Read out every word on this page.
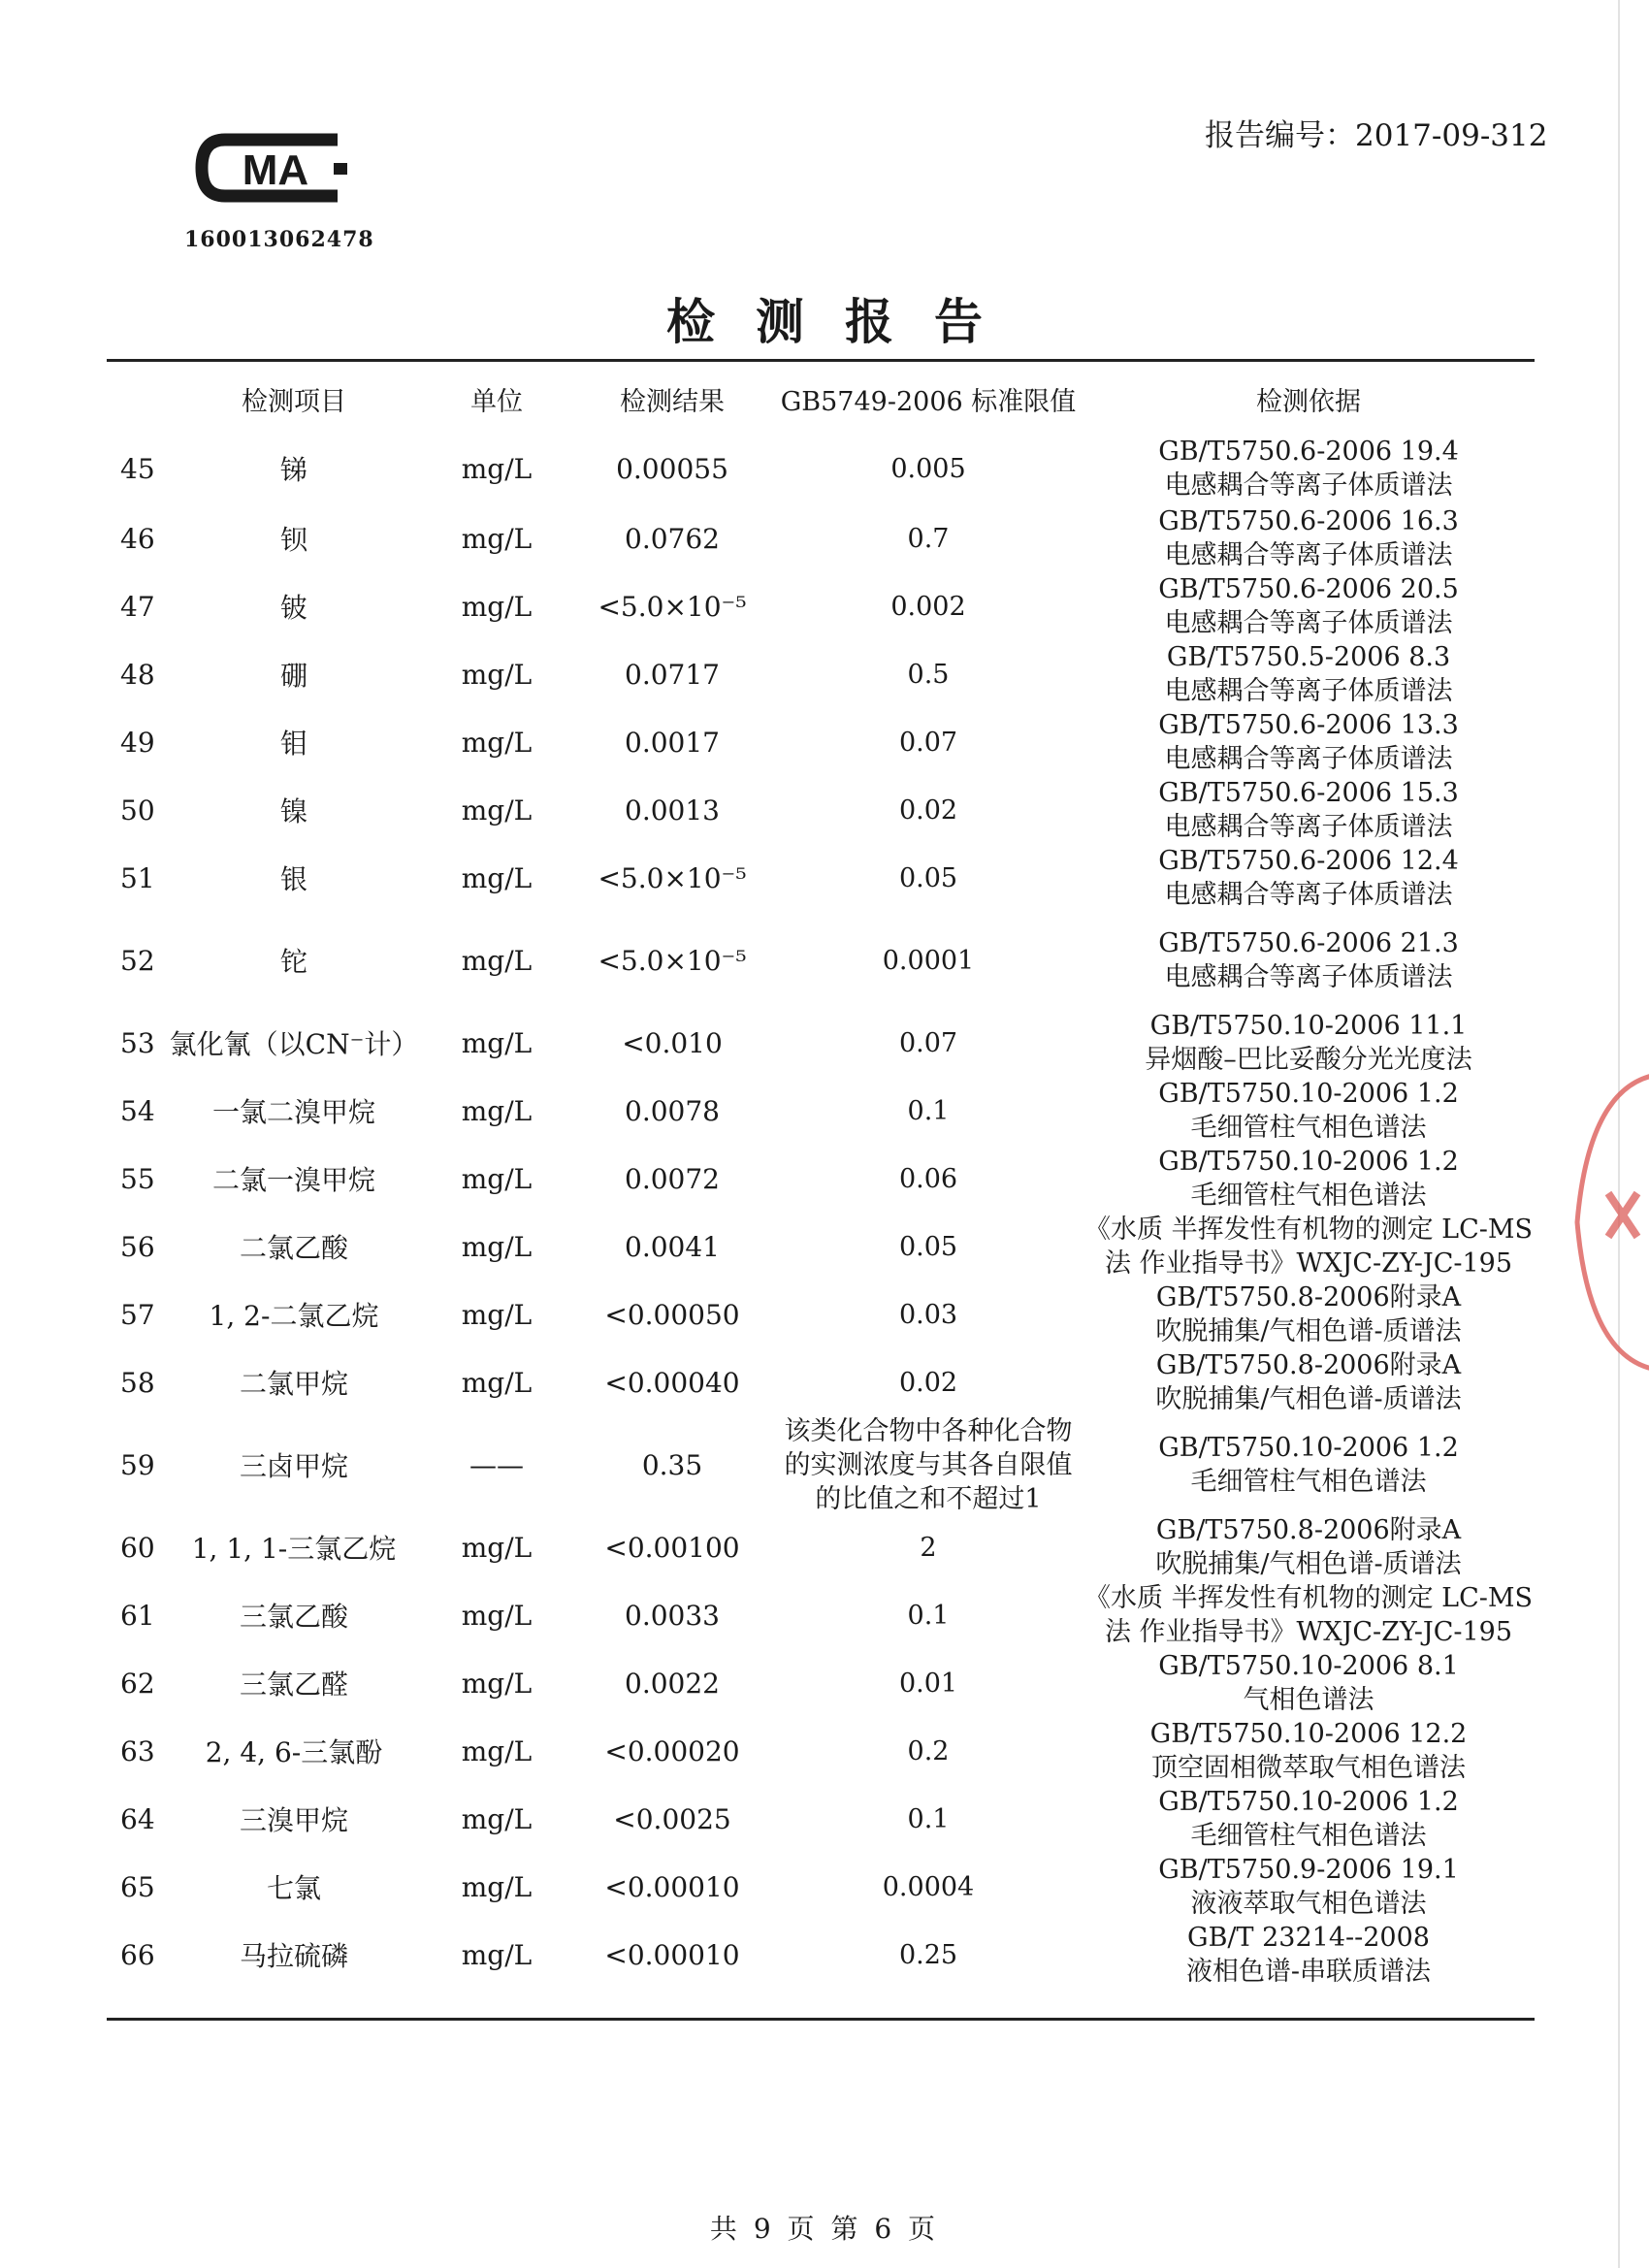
MA
160013062478
报告编号：2017-09-312
检测报告
检测项目	单位	检测结果	GB5749-2006 标准限值	检测依据
45	锑	mg/L	0.00055	0.005
GB/T5750.6-2006 19.4
电感耦合等离子体质谱法
46	钡	mg/L	0.0762	0.7
GB/T5750.6-2006 16.3
电感耦合等离子体质谱法
47	铍	mg/L	<5.0×10⁻⁵	0.002
GB/T5750.6-2006 20.5
电感耦合等离子体质谱法
48	硼	mg/L	0.0717	0.5
GB/T5750.5-2006 8.3
电感耦合等离子体质谱法
49	钼	mg/L	0.0017	0.07
GB/T5750.6-2006 13.3
电感耦合等离子体质谱法
50	镍	mg/L	0.0013	0.02
GB/T5750.6-2006 15.3
电感耦合等离子体质谱法
51	银	mg/L	<5.0×10⁻⁵	0.05
GB/T5750.6-2006 12.4
电感耦合等离子体质谱法
52	铊	mg/L	<5.0×10⁻⁵	0.0001
GB/T5750.6-2006 21.3
电感耦合等离子体质谱法
53 氯化氰（以CN⁻计）	mg/L	<0.010	0.07
GB/T5750.10-2006 11.1
异烟酸–巴比妥酸分光光度法
54	一氯二溴甲烷	mg/L	0.0078	0.1
GB/T5750.10-2006 1.2
毛细管柱气相色谱法
55	二氯一溴甲烷	mg/L	0.0072	0.06
GB/T5750.10-2006 1.2
毛细管柱气相色谱法
56	二氯乙酸	mg/L	0.0041	0.05
《水质 半挥发性有机物的测定 LC-MS
法 作业指导书》WXJC-ZY-JC-195
57	1, 2-二氯乙烷	mg/L	<0.00050	0.03
GB/T5750.8-2006附录A
吹脱捕集/气相色谱-质谱法
58	二氯甲烷	mg/L	<0.00040	0.02
GB/T5750.8-2006附录A
吹脱捕集/气相色谱-质谱法
59	三卤甲烷	——	0.35
该类化合物中各种化合物
的实测浓度与其各自限值
的比值之和不超过1
GB/T5750.10-2006 1.2
毛细管柱气相色谱法
60	1, 1, 1-三氯乙烷	mg/L	<0.00100	2
GB/T5750.8-2006附录A
吹脱捕集/气相色谱-质谱法
61	三氯乙酸	mg/L	0.0033	0.1
《水质 半挥发性有机物的测定 LC-MS
法 作业指导书》WXJC-ZY-JC-195
62	三氯乙醛	mg/L	0.0022	0.01
GB/T5750.10-2006 8.1
气相色谱法
63	2, 4, 6-三氯酚	mg/L	<0.00020	0.2
GB/T5750.10-2006 12.2
顶空固相微萃取气相色谱法
64	三溴甲烷	mg/L	<0.0025	0.1
GB/T5750.10-2006 1.2
毛细管柱气相色谱法
65	七氯	mg/L	<0.00010	0.0004
GB/T5750.9-2006 19.1
液液萃取气相色谱法
66	马拉硫磷	mg/L	<0.00010	0.25
GB/T 23214--2008
液相色谱-串联质谱法
共 9 页 第 6 页
